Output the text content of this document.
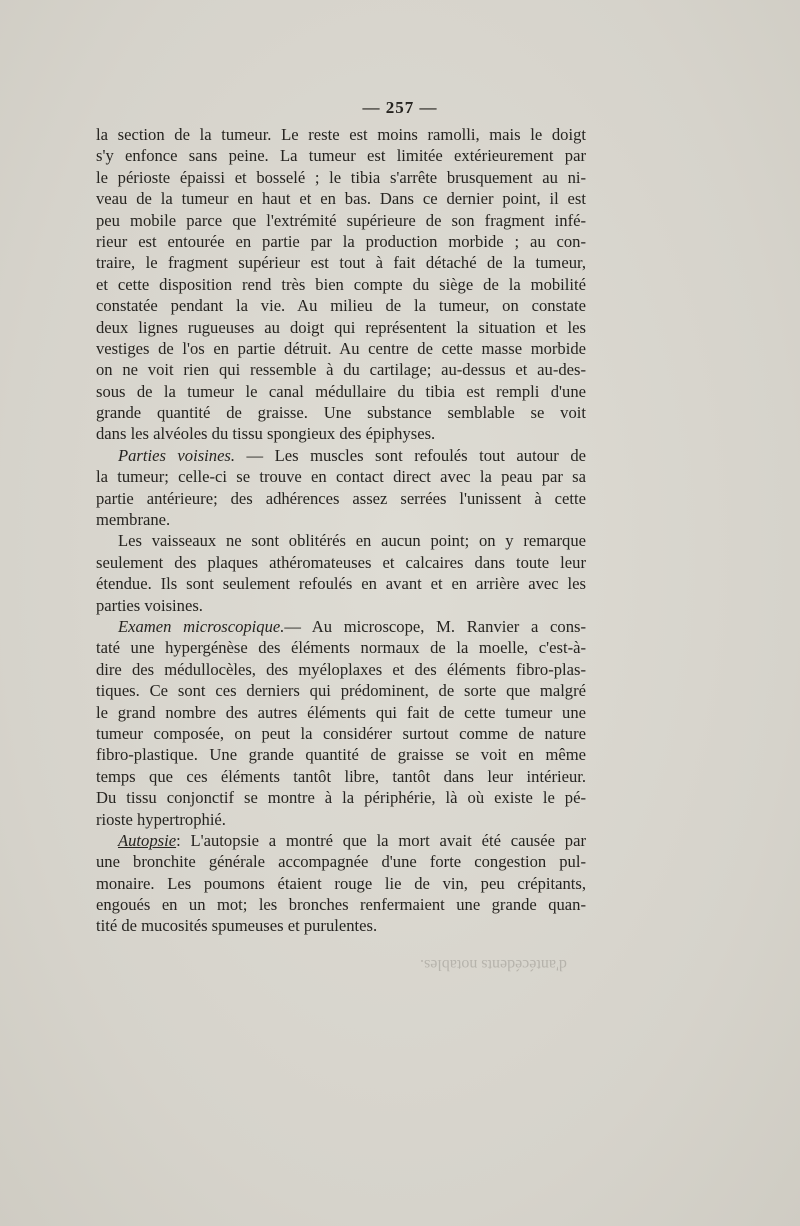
— 257 —
la section de la tumeur. Le reste est moins ramolli, mais le doigt
s'y enfonce sans peine. La tumeur est limitée extérieurement par
le périoste épaissi et bosselé ; le tibia s'arrête brusquement au ni-
veau de la tumeur en haut et en bas. Dans ce dernier point, il est
peu mobile parce que l'extrémité supérieure de son fragment infé-
rieur est entourée en partie par la production morbide ; au con-
traire, le fragment supérieur est tout à fait détaché de la tumeur,
et cette disposition rend très bien compte du siège de la mobilité
constatée pendant la vie. Au milieu de la tumeur, on constate
deux lignes rugueuses au doigt qui représentent la situation et les
vestiges de l'os en partie détruit. Au centre de cette masse morbide
on ne voit rien qui ressemble à du cartilage; au-dessus et au-des-
sous de la tumeur le canal médullaire du tibia est rempli d'une
grande quantité de graisse. Une substance semblable se voit
dans les alvéoles du tissu spongieux des épiphyses.
Parties voisines. — Les muscles sont refoulés tout autour de
la tumeur; celle-ci se trouve en contact direct avec la peau par sa
partie antérieure; des adhérences assez serrées l'unissent à cette
membrane.
Les vaisseaux ne sont oblitérés en aucun point; on y remarque
seulement des plaques athéromateuses et calcaires dans toute leur
étendue. Ils sont seulement refoulés en avant et en arrière avec les
parties voisines.
Examen microscopique.— Au microscope, M. Ranvier a cons-
taté une hypergénèse des éléments normaux de la moelle, c'est-à-
dire des médullocèles, des myéloplaxes et des éléments fibro-plas-
tiques. Ce sont ces derniers qui prédominent, de sorte que malgré
le grand nombre des autres éléments qui fait de cette tumeur une
tumeur composée, on peut la considérer surtout comme de nature
fibro-plastique. Une grande quantité de graisse se voit en même
temps que ces éléments tantôt libre, tantôt dans leur intérieur.
Du tissu conjonctif se montre à la périphérie, là où existe le pé-
rioste hypertrophié.
Autopsie: L'autopsie a montré que la mort avait été causée par
une bronchite générale accompagnée d'une forte congestion pul-
monaire. Les poumons étaient rouge lie de vin, peu crépitants,
engoués en un mot; les bronches renfermaient une grande quan-
tité de mucosités spumeuses et purulentes.
d'antécédents notables.
